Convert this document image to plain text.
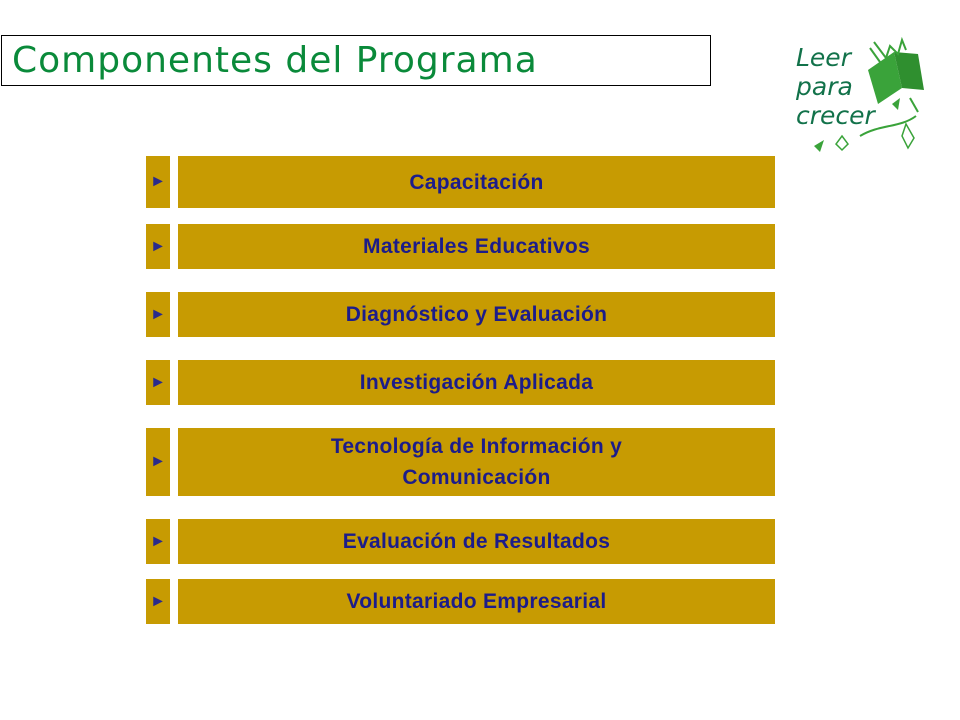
Componentes del Programa	Leer
para
crecer
►	Capacitación
►	Materiales Educativos
►	Diagnóstico y Evaluación
►	Investigación Aplicada
►
Tecnología de Información y Comunicación
►	Evaluación de Resultados
►	Voluntariado Empresarial
